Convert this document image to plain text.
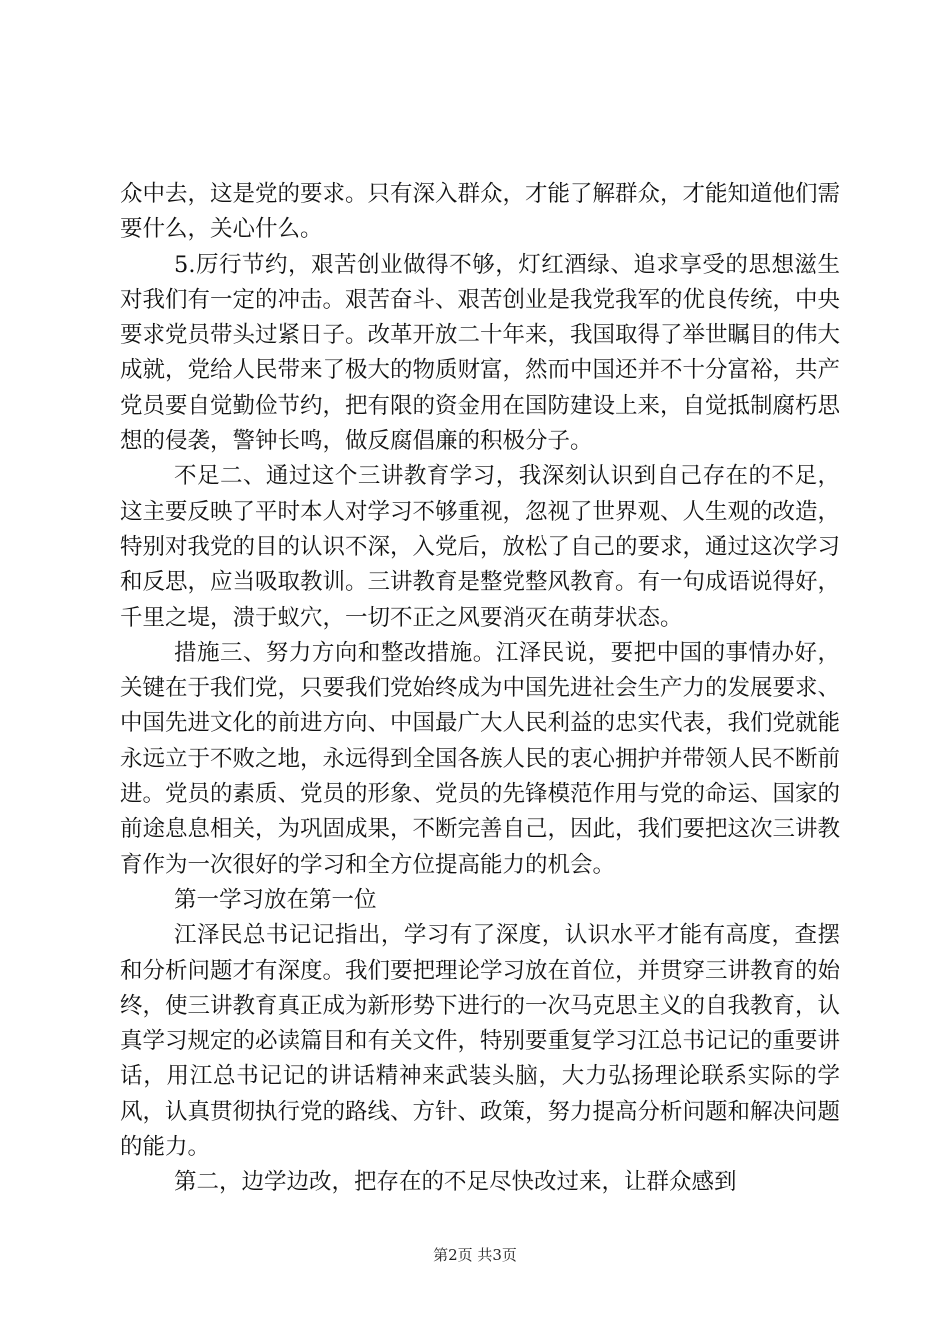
众中去，这是党的要求。只有深入群众，才能了解群众，才能知道他们需要什么，关心什么。

5.厉行节约，艰苦创业做得不够，灯红酒绿、追求享受的思想滋生对我们有一定的冲击。艰苦奋斗、艰苦创业是我党我军的优良传统，中央要求党员带头过紧日子。改革开放二十年来，我国取得了举世瞩目的伟大成就，党给人民带来了极大的物质财富，然而中国还并不十分富裕，共产党员要自觉勤俭节约，把有限的资金用在国防建设上来，自觉抵制腐朽思想的侵袭，警钟长鸣，做反腐倡廉的积极分子。

不足二、通过这个三讲教育学习，我深刻认识到自己存在的不足，这主要反映了平时本人对学习不够重视，忽视了世界观、人生观的改造，特别对我党的目的认识不深，入党后，放松了自己的要求，通过这次学习和反思，应当吸取教训。三讲教育是整党整风教育。有一句成语说得好，千里之堤，溃于蚁穴，一切不正之风要消灭在萌芽状态。

措施三、努力方向和整改措施。江泽民说，要把中国的事情办好，关键在于我们党，只要我们党始终成为中国先进社会生产力的发展要求、中国先进文化的前进方向、中国最广大人民利益的忠实代表，我们党就能永远立于不败之地，永远得到全国各族人民的衷心拥护并带领人民不断前进。党员的素质、党员的形象、党员的先锋模范作用与党的命运、国家的前途息息相关，为巩固成果，不断完善自己，因此，我们要把这次三讲教育作为一次很好的学习和全方位提高能力的机会。

第一学习放在第一位

江泽民总书记记指出，学习有了深度，认识水平才能有高度，查摆和分析问题才有深度。我们要把理论学习放在首位，并贯穿三讲教育的始终，使三讲教育真正成为新形势下进行的一次马克思主义的自我教育，认真学习规定的必读篇目和有关文件，特别要重复学习江总书记记的重要讲话，用江总书记记的讲话精神来武装头脑，大力弘扬理论联系实际的学风，认真贯彻执行党的路线、方针、政策，努力提高分析问题和解决问题的能力。

第二，边学边改，把存在的不足尽快改过来，让群众感到

第2页 共3页
